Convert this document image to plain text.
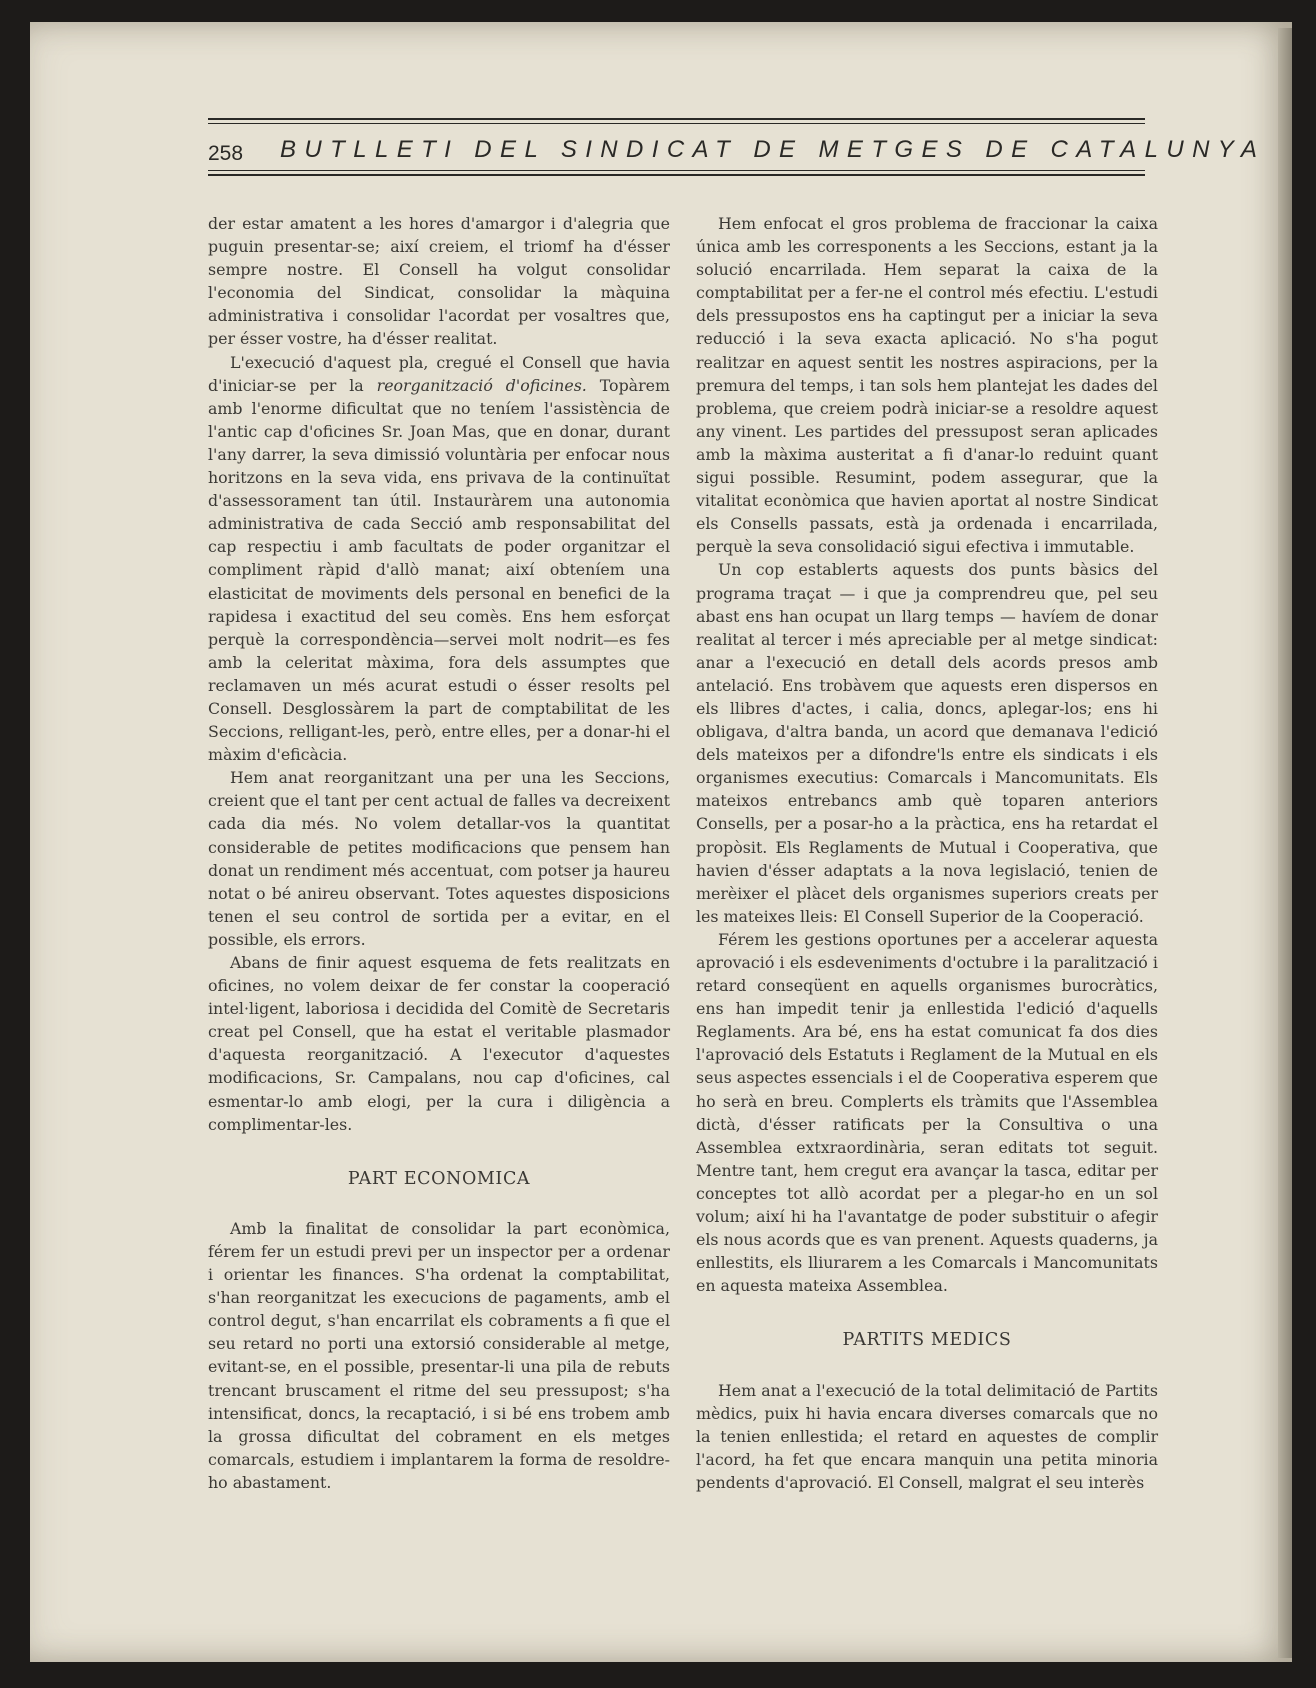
258 BUTLLETI DEL SINDICAT DE METGES DE CATALUNYA

der estar amatent a les hores d'amargor i d'alegria que puguin presentar-se; així creiem, el triomf ha d'ésser sempre nostre. El Consell ha volgut consolidar l'economia del Sindicat, consolidar la màquina administrativa i consolidar l'acordat per vosaltres que, per ésser vostre, ha d'ésser realitat.

L'execució d'aquest pla, cregué el Consell que havia d'iniciar-se per la reorganització d'oficines. Topàrem amb l'enorme dificultat que no teníem l'assistència de l'antic cap d'oficines Sr. Joan Mas, que en donar, durant l'any darrer, la seva dimissió voluntària per enfocar nous horitzons en la seva vida, ens privava de la continuïtat d'assessorament tan útil. Instauràrem una autonomia administrativa de cada Secció amb responsabilitat del cap respectiu i amb facultats de poder organitzar el compliment ràpid d'allò manat; així obteníem una elasticitat de moviments dels personal en benefici de la rapidesa i exactitud del seu comès. Ens hem esforçat perquè la correspondència—servei molt nodrit—es fes amb la celeritat màxima, fora dels assumptes que reclamaven un més acurat estudi o ésser resolts pel Consell. Desglossàrem la part de comptabilitat de les Seccions, relligant-les, però, entre elles, per a donar-hi el màxim d'eficàcia.

Hem anat reorganitzant una per una les Seccions, creient que el tant per cent actual de falles va decreixent cada dia més. No volem detallar-vos la quantitat considerable de petites modificacions que pensem han donat un rendiment més accentuat, com potser ja haureu notat o bé anireu observant. Totes aquestes disposicions tenen el seu control de sortida per a evitar, en el possible, els errors.

Abans de finir aquest esquema de fets realitzats en oficines, no volem deixar de fer constar la cooperació intel·ligent, laboriosa i decidida del Comitè de Secretaris creat pel Consell, que ha estat el veritable plasmador d'aquesta reorganització. A l'executor d'aquestes modificacions, Sr. Campalans, nou cap d'oficines, cal esmentar-lo amb elogi, per la cura i diligència a complimentar-les.

PART ECONOMICA

Amb la finalitat de consolidar la part econòmica, férem fer un estudi previ per un inspector per a ordenar i orientar les finances. S'ha ordenat la comptabilitat, s'han reorganitzat les execucions de pagaments, amb el control degut, s'han encarrilat els cobraments a fi que el seu retard no porti una extorsió considerable al metge, evitant-se, en el possible, presentar-li una pila de rebuts trencant bruscament el ritme del seu pressupost; s'ha intensificat, doncs, la recaptació, i si bé ens trobem amb la grossa dificultat del cobrament en els metges comarcals, estudiem i implantarem la forma de resoldre-ho abastament.

Hem enfocat el gros problema de fraccionar la caixa única amb les corresponents a les Seccions, estant ja la solució encarrilada. Hem separat la caixa de la comptabilitat per a fer-ne el control més efectiu. L'estudi dels pressupostos ens ha captingut per a iniciar la seva reducció i la seva exacta aplicació. No s'ha pogut realitzar en aquest sentit les nostres aspiracions, per la premura del temps, i tan sols hem plantejat les dades del problema, que creiem podrà iniciar-se a resoldre aquest any vinent. Les partides del pressupost seran aplicades amb la màxima austeritat a fi d'anar-lo reduint quant sigui possible. Resumint, podem assegurar, que la vitalitat econòmica que havien aportat al nostre Sindicat els Consells passats, està ja ordenada i encarrilada, perquè la seva consolidació sigui efectiva i immutable.

Un cop establerts aquests dos punts bàsics del programa traçat — i que ja comprendreu que, pel seu abast ens han ocupat un llarg temps — havíem de donar realitat al tercer i més apreciable per al metge sindicat: anar a l'execució en detall dels acords presos amb antelació. Ens trobàvem que aquests eren dispersos en els llibres d'actes, i calia, doncs, aplegar-los; ens hi obligava, d'altra banda, un acord que demanava l'edició dels mateixos per a difondre'ls entre els sindicats i els organismes executius: Comarcals i Mancomunitats. Els mateixos entrebancs amb què toparen anteriors Consells, per a posar-ho a la pràctica, ens ha retardat el propòsit. Els Reglaments de Mutual i Cooperativa, que havien d'ésser adaptats a la nova legislació, tenien de merèixer el plàcet dels organismes superiors creats per les mateixes lleis: El Consell Superior de la Cooperació.

Férem les gestions oportunes per a accelerar aquesta aprovació i els esdeveniments d'octubre i la paralització i retard conseqüent en aquells organismes burocràtics, ens han impedit tenir ja enllestida l'edició d'aquells Reglaments. Ara bé, ens ha estat comunicat fa dos dies l'aprovació dels Estatuts i Reglament de la Mutual en els seus aspectes essencials i el de Cooperativa esperem que ho serà en breu. Complerts els tràmits que l'Assemblea dictà, d'ésser ratificats per la Consultiva o una Assemblea extxraordinària, seran editats tot seguit. Mentre tant, hem cregut era avançar la tasca, editar per conceptes tot allò acordat per a plegar-ho en un sol volum; així hi ha l'avantatge de poder substituir o afegir els nous acords que es van prenent. Aquests quaderns, ja enllestits, els lliurarem a les Comarcals i Mancomunitats en aquesta mateixa Assemblea.

PARTITS MEDICS

Hem anat a l'execució de la total delimitació de Partits mèdics, puix hi havia encara diverses comarcals que no la tenien enllestida; el retard en aquestes de complir l'acord, ha fet que encara manquin una petita minoria pendents d'aprovació. El Consell, malgrat el seu interès
